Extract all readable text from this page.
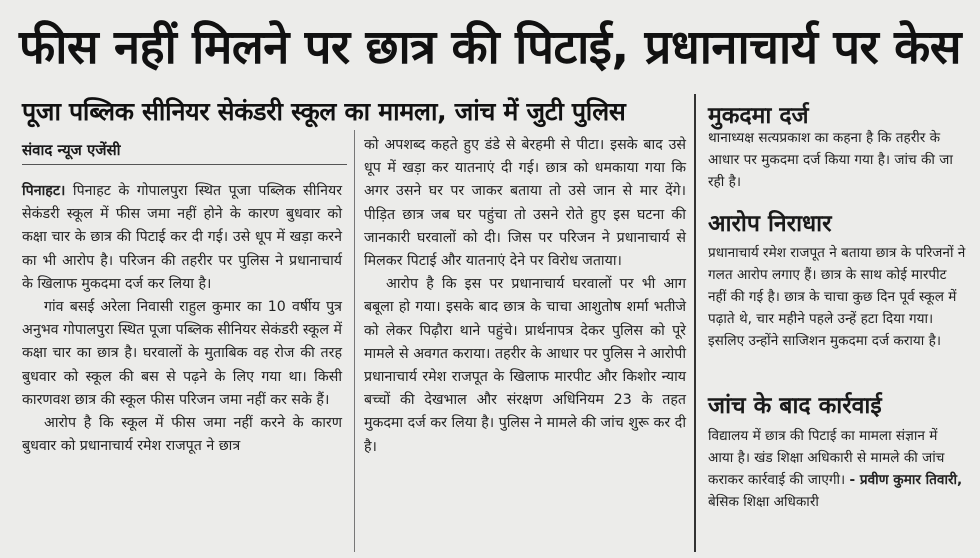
फीस नहीं मिलने पर छात्र की पिटाई, प्रधानाचार्य पर केस
पूजा पब्लिक सीनियर सेकंडरी स्कूल का मामला, जांच में जुटी पुलिस
संवाद न्यूज एजेंसी

पिनाहट। पिनाहट के गोपालपुरा स्थित पूजा पब्लिक सीनियर सेकंडरी स्कूल में फीस जमा नहीं होने के कारण बुधवार को कक्षा चार के छात्र की पिटाई कर दी गई। उसे धूप में खड़ा करने का भी आरोप है। परिजन की तहरीर पर पुलिस ने प्रधानाचार्य के खिलाफ मुकदमा दर्ज कर लिया है।

गांव बसई अरेला निवासी राहुल कुमार का 10 वर्षीय पुत्र अनुभव गोपालपुरा स्थित पूजा पब्लिक सीनियर सेकंडरी स्कूल में कक्षा चार का छात्र है। घरवालों के मुताबिक वह रोज की तरह बुधवार को स्कूल की बस से पढ़ने के लिए गया था। किसी कारणवश छात्र की स्कूल फीस परिजन जमा नहीं कर सके हैं।

आरोप है कि स्कूल में फीस जमा नहीं करने के कारण बुधवार को प्रधानाचार्य रमेश राजपूत ने छात्र

को अपशब्द कहते हुए डंडे से बेरहमी से पीटा। इसके बाद उसे धूप में खड़ा कर यातनाएं दी गई। छात्र को धमकाया गया कि अगर उसने घर पर जाकर बताया तो उसे जान से मार देंगे। पीड़ित छात्र जब घर पहुंचा तो उसने रोते हुए इस घटना की जानकारी घरवालों को दी। जिस पर परिजन ने प्रधानाचार्य से मिलकर पिटाई और यातनाएं देने पर विरोध जताया।

आरोप है कि इस पर प्रधानाचार्य घरवालों पर भी आग बबूला हो गया। इसके बाद छात्र के चाचा आशुतोष शर्मा भतीजे को लेकर पिढ़ौरा थाने पहुंचे। प्रार्थनापत्र देकर पुलिस को पूरे मामले से अवगत कराया। तहरीर के आधार पर पुलिस ने आरोपी प्रधानाचार्य रमेश राजपूत के खिलाफ मारपीट और किशोर न्याय बच्चों की देखभाल और संरक्षण अधिनियम 23 के तहत मुकदमा दर्ज कर लिया है। पुलिस ने मामले की जांच शुरू कर दी है।

मुकदमा दर्ज
थानाध्यक्ष सत्यप्रकाश का कहना है कि तहरीर के आधार पर मुकदमा दर्ज किया गया है। जांच की जा रही है।
आरोप निराधार
प्रधानाचार्य रमेश राजपूत ने बताया छात्र के परिजनों ने गलत आरोप लगाए हैं। छात्र के साथ कोई मारपीट नहीं की गई है। छात्र के चाचा कुछ दिन पूर्व स्कूल में पढ़ाते थे, चार महीने पहले उन्हें हटा दिया गया। इसलिए उन्होंने साजिशन मुकदमा दर्ज कराया है।
जांच के बाद कार्रवाई
विद्यालय में छात्र की पिटाई का मामला संज्ञान में आया है। खंड शिक्षा अधिकारी से मामले की जांच कराकर कार्रवाई की जाएगी। - प्रवीण कुमार तिवारी,
बेसिक शिक्षा अधिकारी
